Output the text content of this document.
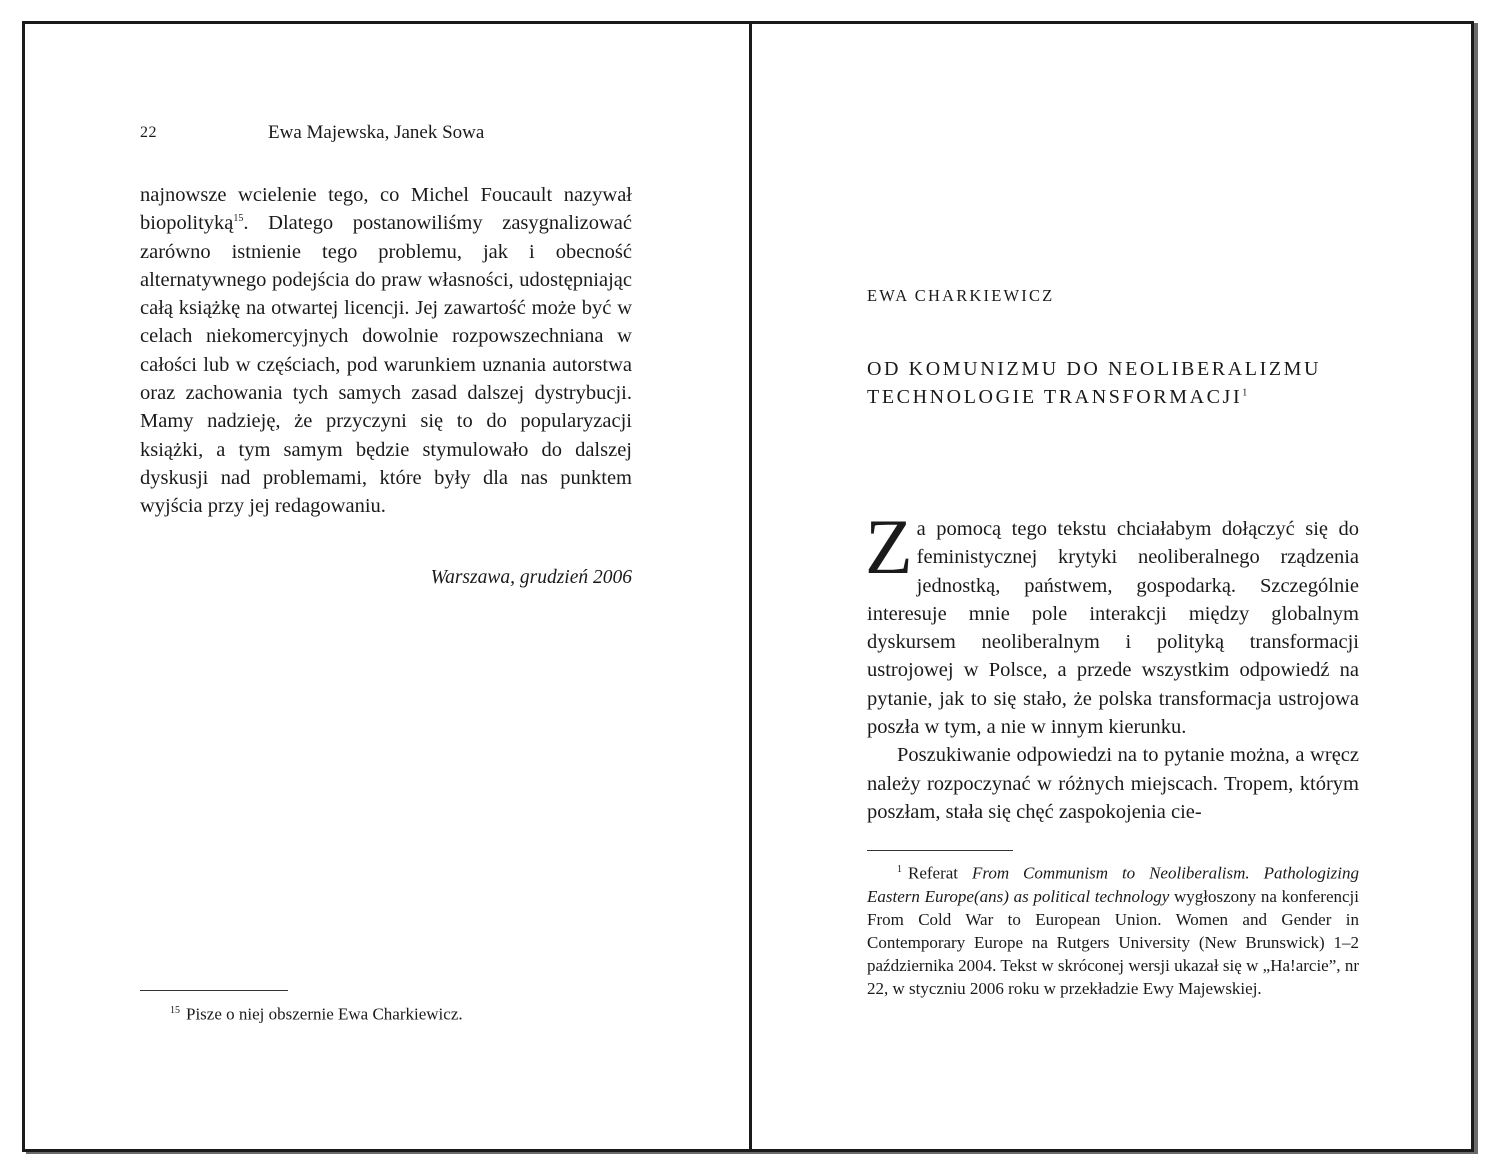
22	Ewa Majewska, Janek Sowa

najnowsze wcielenie tego, co Michel Foucault nazywał biopolityką$^{15}$. Dlatego postanowiliśmy zasygnalizować zarówno istnienie tego problemu, jak i obecność alternatywnego podejścia do praw własności, udostępniając całą książkę na otwartej licencji. Jej zawartość może być w celach niekomercyjnych dowolnie rozpowszechniana w całości lub w częściach, pod warunkiem uznania autorstwa oraz zachowania tych samych zasad dalszej dystrybucji. Mamy nadzieję, że przyczyni się to do popularyzacji książki, a tym samym będzie stymulowało do dalszej dyskusji nad problemami, które były dla nas punktem wyjścia przy jej redagowaniu.

Warszawa, grudzień 2006
$^{15}$ Pisze o niej obszernie Ewa Charkiewicz.
EWA CHARKIEWICZ
OD KOMUNIZMU DO NEOLIBERALIZMU
TECHNOLOGIE TRANSFORMACJI$^1$

Za pomocą tego tekstu chciałabym dołączyć się do feministycznej krytyki neoliberalnego rządzenia jednostką, państwem, gospodarką. Szczególnie interesuje mnie pole interakcji między globalnym dyskursem neoliberalnym i polityką transformacji ustrojowej w Polsce, a przede wszystkim odpowiedź na pytanie, jak to się stało, że polska transformacja ustrojowa poszła w tym, a nie w innym kierunku.

Poszukiwanie odpowiedzi na to pytanie można, a wręcz należy rozpoczynać w różnych miejscach. Tropem, którym poszłam, stała się chęć zaspokojenia cie-

$^1$ Referat From Communism to Neoliberalism. Pathologizing Eastern Europe(ans) as political technology wygłoszony na konferencji From Cold War to European Union. Women and Gender in Contemporary Europe na Rutgers University (New Brunswick) 1–2 października 2004. Tekst w skróconej wersji ukazał się w „Ha!arcie”, nr 22, w styczniu 2006 roku w przekładzie Ewy Majewskiej.
